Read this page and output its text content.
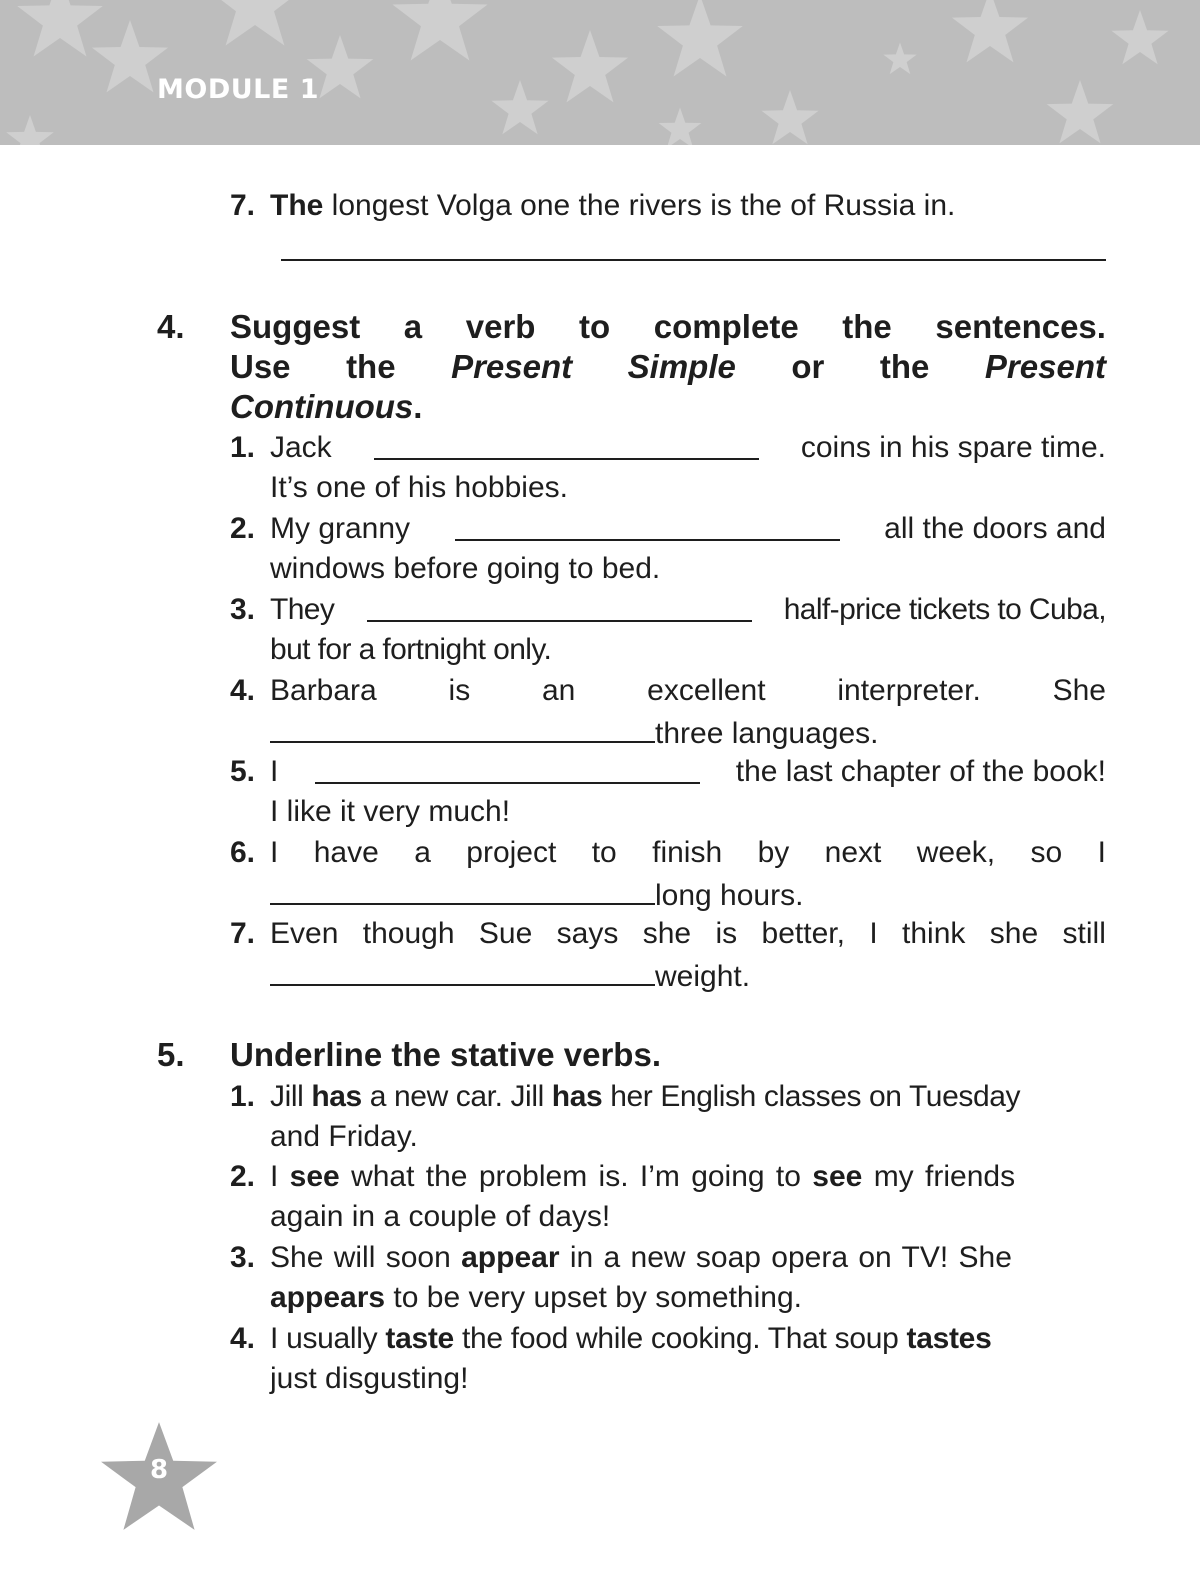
MODULE 1
7. The longest Volga one the rivers is the of Russia in.
4. Suggest a verb to complete the sentences.
Use the Present Simple or the Present
Continuous.
1. Jack	coins in his spare time.
It’s one of his hobbies.
2. My granny	all the doors and
windows before going to bed.
3. They	half-price tickets to Cuba,
but for a fortnight only.
4. Barbara is an excellent interpreter. She
three languages.
5. I	the last chapter of the book!
I like it very much!
6. I have a project to finish by next week, so I
long hours.
7. Even though Sue says she is better, I think she still
weight.
5. Underline the stative verbs.
1. Jill has a new car. Jill has her English classes on Tuesday
and Friday.
2. I see what the problem is. I’m going to see my friends
again in a couple of days!
3. She will soon appear in a new soap opera on TV! She
appears to be very upset by something.
4. I usually taste the food while cooking. That soup tastes
just disgusting!
8
